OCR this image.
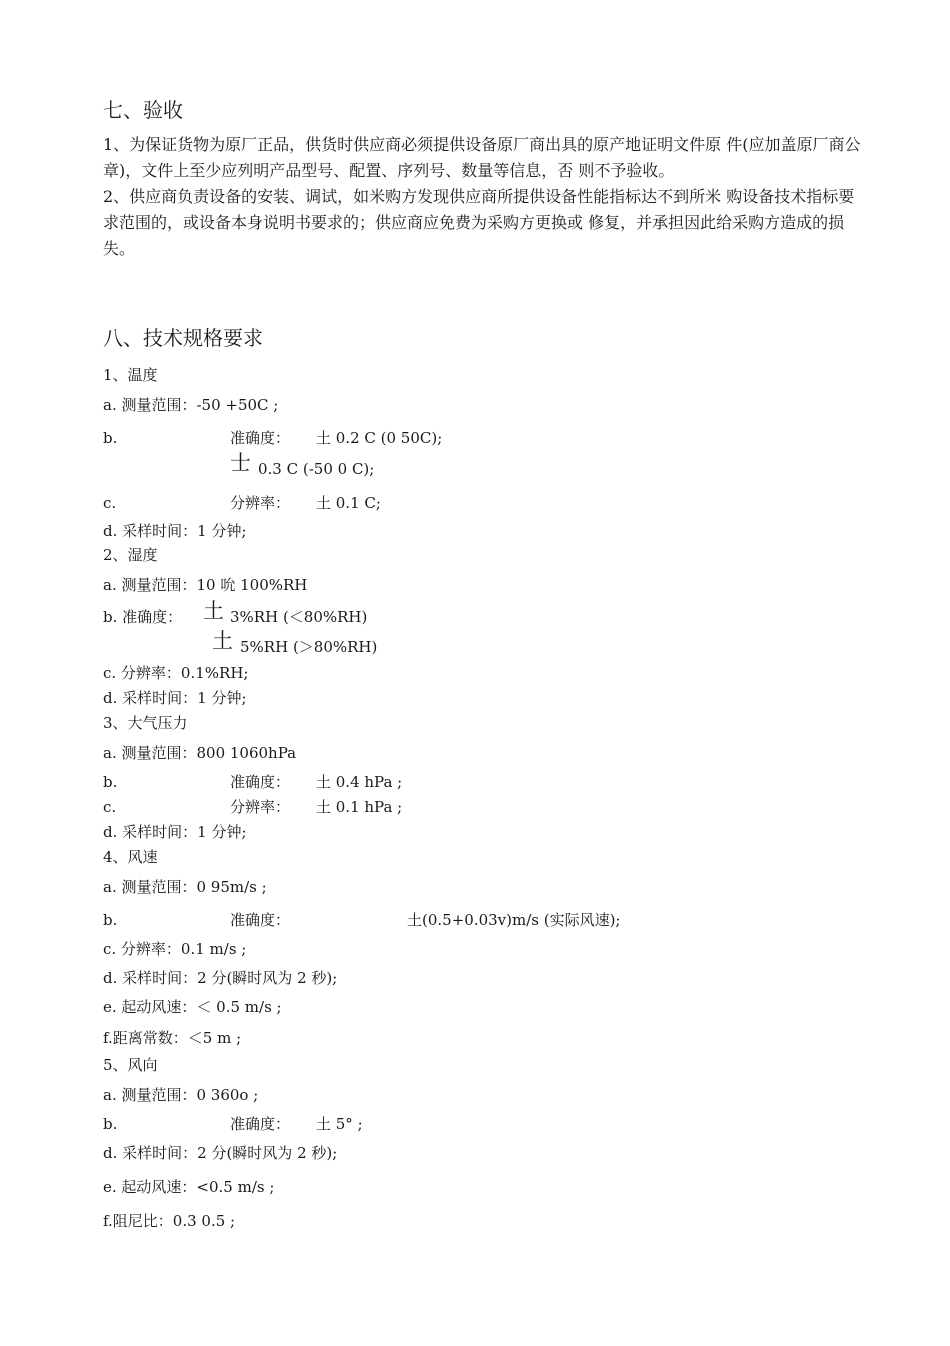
七、验收
1、为保证货物为原厂正品，供货时供应商必须提供设备原厂商出具的原产地证明文件原 件(应加盖原厂商公章)，文件上至少应列明产品型号、配置、序列号、数量等信息，否 则不予验收。
2、供应商负责设备的安装、调试，如米购方发现供应商所提供设备性能指标达不到所米 购设备技术指标要求范围的，或设备本身说明书要求的；供应商应免费为采购方更换或 修复，并承担因此给采购方造成的损失。
八、技术规格要求
1、温度
a. 测量范围：-50 +50C ;
b.	准确度： 土 0.2 C (0 50C);
士 0.3 C (-50 0 C);
c.	分辨率： 土 0.1 C;
d. 采样时间：1 分钟;
2、湿度
a. 测量范围：10 吮 100%RH
b. 准确度： 土 3%RH (＜80%RH)
土 5%RH (＞80%RH)
c. 分辨率：0.1%RH;
d. 采样时间：1 分钟;
3、大气压力
a. 测量范围：800 1060hPa
b.	准确度： 土 0.4 hPa ;
c.	分辨率： 土 0.1 hPa ;
d. 采样时间：1 分钟;
4、风速
a. 测量范围：0 95m/s ;
b.	准确度：	土(0.5+0.03v)m/s (实际风速);
c. 分辨率：0.1 m/s ;
d. 采样时间：2 分(瞬时风为 2 秒);
e. 起动风速：＜ 0.5 m/s ;
f.距离常数：＜5 m ;
5、风向
a. 测量范围：0 360o ;
b.	准确度： 土 5° ;
d. 采样时间：2 分(瞬时风为 2 秒);
e. 起动风速：<0.5 m/s ;
f.阻尼比：0.3 0.5 ;
